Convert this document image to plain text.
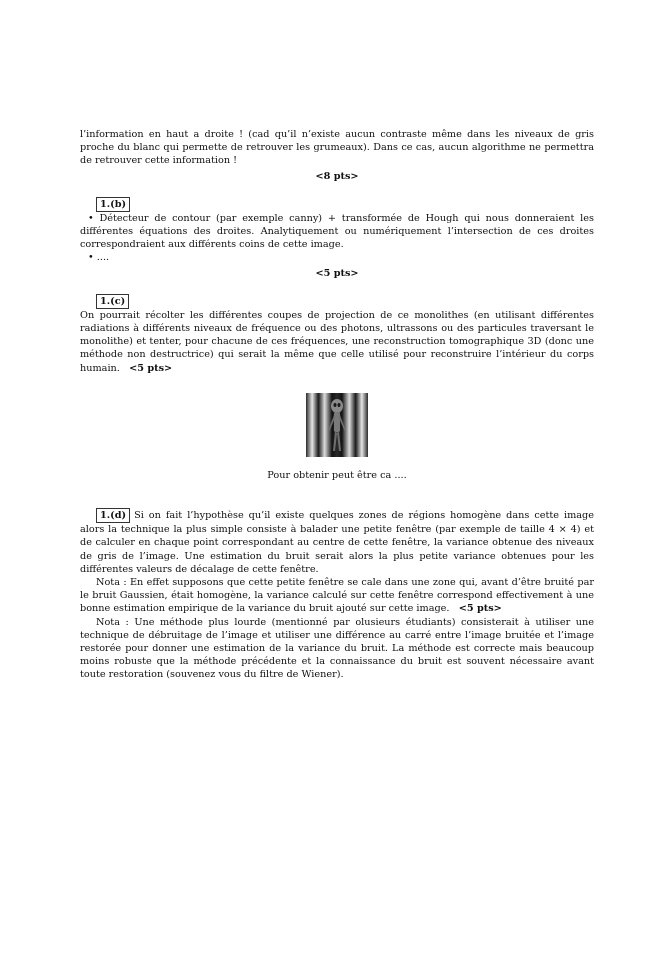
l’information en haut a droite ! (cad qu’il n’existe aucun contraste même dans les niveaux de gris proche du blanc qui permette de retrouver les grumeaux). Dans ce cas, aucun algorithme ne permettra de retrouver cette information !

<8 pts>

1.(b)

• Détecteur de contour (par exemple canny) + transformée de Hough qui nous donneraient les différentes équations des droites. Analytiquement ou numériquement l’intersection de ces droites correspondraient aux différents coins de cette image.

• ....

<5 pts>

1.(c)

On pourrait récolter les différentes coupes de projection de ce monolithes (en utilisant différentes radiations à différents niveaux de fréquence ou des photons, ultrassons ou des particules traversant le monolithe) et tenter, pour chacune de ces fréquences, une reconstruction tomographique 3D (donc une méthode non destructrice) qui serait la même que celle utilisé pour reconstruire l’intérieur du corps humain. <5 pts>

Pour obtenir peut être ca ....

1.(d) Si on fait l’hypothèse qu’il existe quelques zones de régions homogène dans cette image alors la technique la plus simple consiste à balader une petite fenêtre (par exemple de taille 4 × 4) et de calculer en chaque point correspondant au centre de cette fenêtre, la variance obtenue des niveaux de gris de l’image. Une estimation du bruit serait alors la plus petite variance obtenues pour les différentes valeurs de décalage de cette fenêtre.

Nota : En effet supposons que cette petite fenêtre se cale dans une zone qui, avant d’être bruité par le bruit Gaussien, était homogène, la variance calculé sur cette fenêtre correspond effectivement à une bonne estimation empirique de la variance du bruit ajouté sur cette image. <5 pts>

Nota : Une méthode plus lourde (mentionné par olusieurs étudiants) consisterait à utiliser une technique de débruitage de l’image et utiliser une différence au carré entre l’image bruitée et l’image restorée pour donner une estimation de la variance du bruit. La méthode est correcte mais beaucoup moins robuste que la méthode précédente et la connaissance du bruit est souvent nécessaire avant toute restoration (souvenez vous du filtre de Wiener).
